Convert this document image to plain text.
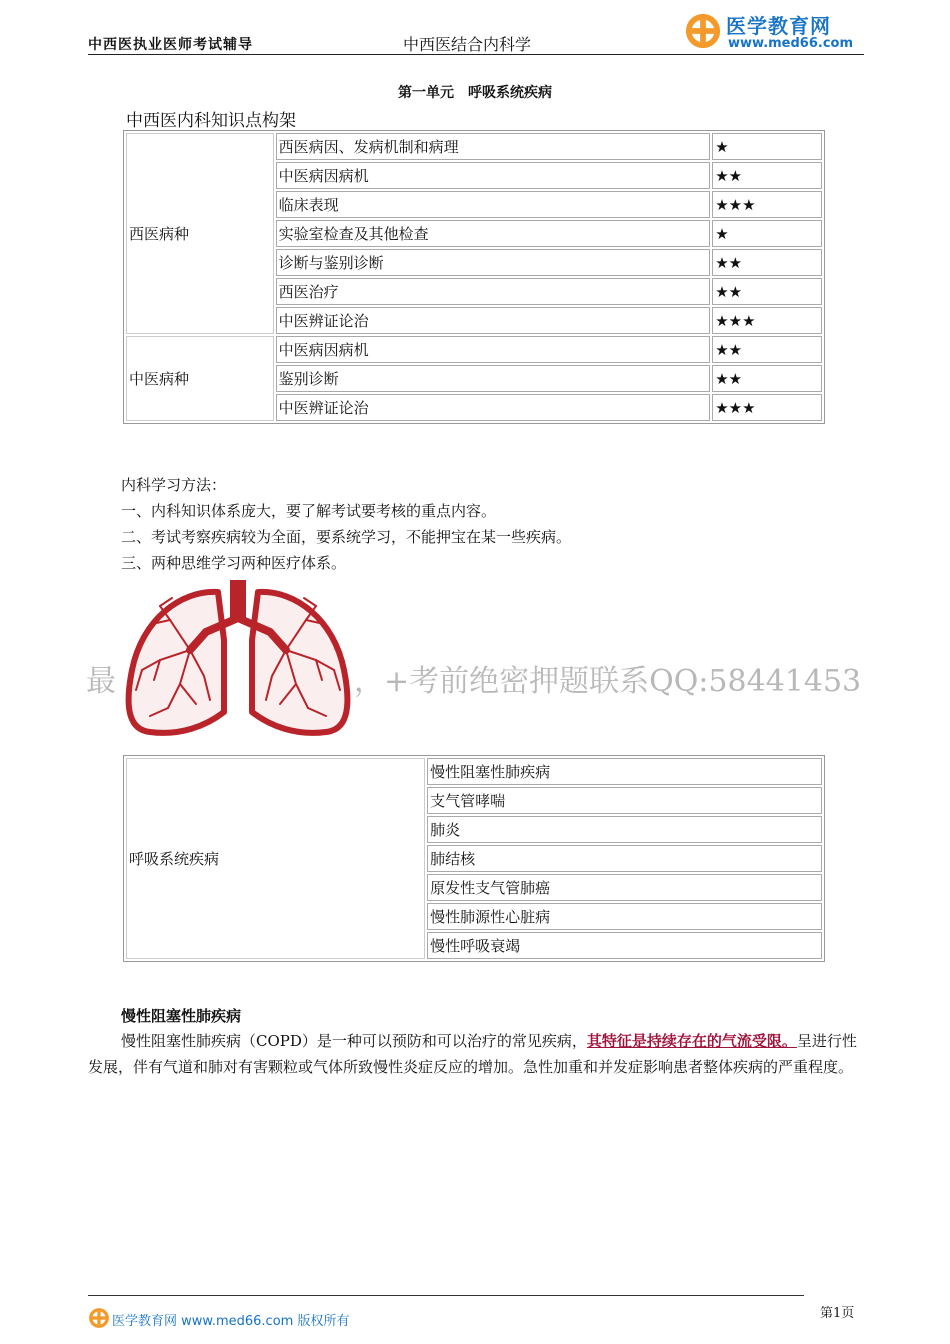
中西医执业医师考试辅导	中西医结合内科学
医学教育网
www.med66.com
第一单元　呼吸系统疾病
中西医内科知识点构架
西医病种	西医病因、发病机制和病理	★
	中医病因病机	★★
	临床表现	★★★
	实验室检查及其他检查	★
	诊断与鉴别诊断	★★
	西医治疗	★★
	中医辨证论治	★★★
中医病种	中医病因病机	★★
	鉴别诊断	★★
	中医辨证论治	★★★
内科学习方法：
一、内科知识体系庞大，要了解考试要考核的重点内容。
二、考试考察疾病较为全面，要系统学习，不能押宝在某一些疾病。
三、两种思维学习两种医疗体系。
最	，+考前绝密押题联系QQ:58441453
呼吸系统疾病	慢性阻塞性肺疾病
支气管哮喘
肺炎
肺结核
原发性支气管肺癌
慢性肺源性心脏病
慢性呼吸衰竭
慢性阻塞性肺疾病
慢性阻塞性肺疾病（COPD）是一种可以预防和可以治疗的常见疾病，其特征是持续存在的气流受限。呈进行性发展，伴有气道和肺对有害颗粒或气体所致慢性炎症反应的增加。急性加重和并发症影响患者整体疾病的严重程度。
医学教育网 www.med66.com 版权所有
第1页
